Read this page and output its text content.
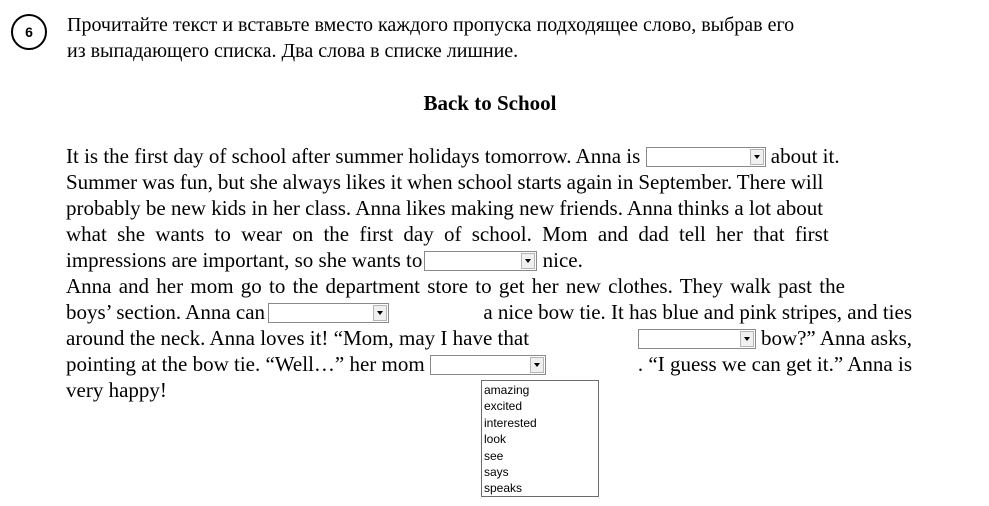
6	Прочитайте текст и вставьте вместо каждого пропуска подходящее слово, выбрав его
из выпадающего списка. Два слова в списке лишние.
Back to School
It is the first day of school after summer holidays tomorrow. Anna is	about it.
Summer was fun, but she always likes it when school starts again in September. There will
probably be new kids in her class. Anna likes making new friends. Anna thinks a lot about
what she wants to wear on the first day of school. Mom and dad tell her that first
impressions are important, so she wants to	nice.
Anna and her mom go to the department store to get her new clothes. They walk past the
boys’ section. Anna can	a nice bow tie. It has blue and pink stripes, and ties
around the neck. Anna loves it! “Mom, may I have that	bow?” Anna asks,
pointing at the bow tie. “Well…” her mom	. “I guess we can get it.” Anna is
very happy!	amazing
excited
interested
look
see
says
speaks
